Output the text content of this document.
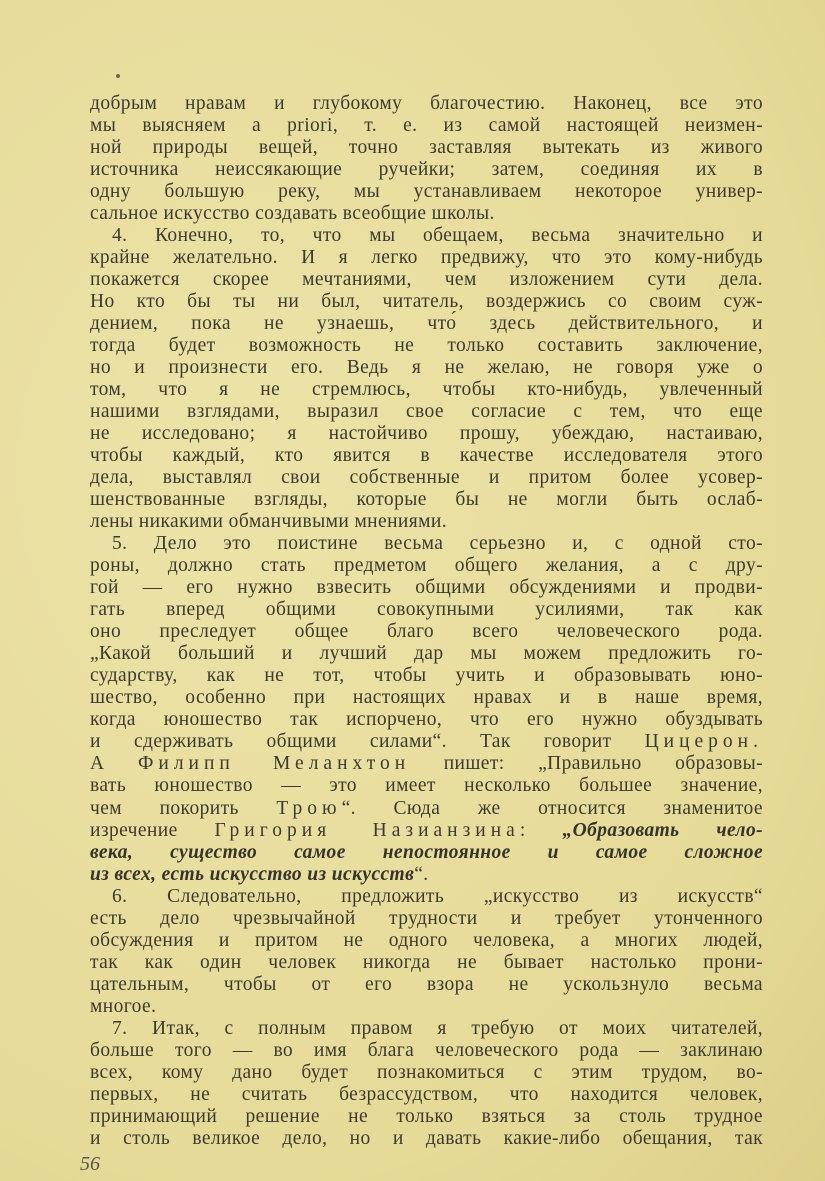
добрым нравам и глубокому благочестию. Наконец, все это
мы выясняем a priori, т. е. из самой настоящей неизмен-
ной природы вещей, точно заставляя вытекать из живого
источника неиссякающие ручейки; затем, соединяя их в
одну большую реку, мы устанавливаем некоторое универ-
сальное искусство создавать всеобщие школы.
4. Конечно, то, что мы обещаем, весьма значительно и
крайне желательно. И я легко предвижу, что это кому-нибудь
покажется скорее мечтаниями, чем изложением сути дела.
Но кто бы ты ни был, читатель, воздержись со своим суж-
дением, пока не узнаешь, что́ здесь действительного, и
тогда будет возможность не только составить заключение,
но и произнести его. Ведь я не желаю, не говоря уже о
том, что я не стремлюсь, чтобы кто-нибудь, увлеченный
нашими взглядами, выразил свое согласие с тем, что еще
не исследовано; я настойчиво прошу, убеждаю, настаиваю,
чтобы каждый, кто явится в качестве исследователя этого
дела, выставлял свои собственные и притом более усовер-
шенствованные взгляды, которые бы не могли быть ослаб-
лены никакими обманчивыми мнениями.
5. Дело это поистине весьма серьезно и, с одной сто-
роны, должно стать предметом общего желания, а с дру-
гой — его нужно взвесить общими обсуждениями и продви-
гать вперед общими совокупными усилиями, так как
оно преследует общее благо всего человеческого рода.
„Какой больший и лучший дар мы можем предложить го-
сударству, как не тот, чтобы учить и образовывать юно-
шество, особенно при настоящих нравах и в наше время,
когда юношество так испорчено, что его нужно обуздывать
и сдерживать общими силами“. Так говорит Цицерон.
А Филипп Меланхтон пишет: „Правильно образовы-
вать юношество — это имеет несколько большее значение,
чем покорить Трою“. Сюда же относится знаменитое
изречение Григория Назианзина: „Образовать чело-
века, существо самое непостоянное и самое сложное
из всех, есть искусство из искусств“.
6. Следовательно, предложить „искусство из искусств“
есть дело чрезвычайной трудности и требует утонченного
обсуждения и притом не одного человека, а многих людей,
так как один человек никогда не бывает настолько прони-
цательным, чтобы от его взора не ускользнуло весьма
многое.
7. Итак, с полным правом я требую от моих читателей,
больше того — во имя блага человеческого рода — заклинаю
всех, кому дано будет познакомиться с этим трудом, во-
первых, не считать безрассудством, что находится человек,
принимающий решение не только взяться за столь трудное
и столь великое дело, но и давать какие-либо обещания, так
56
